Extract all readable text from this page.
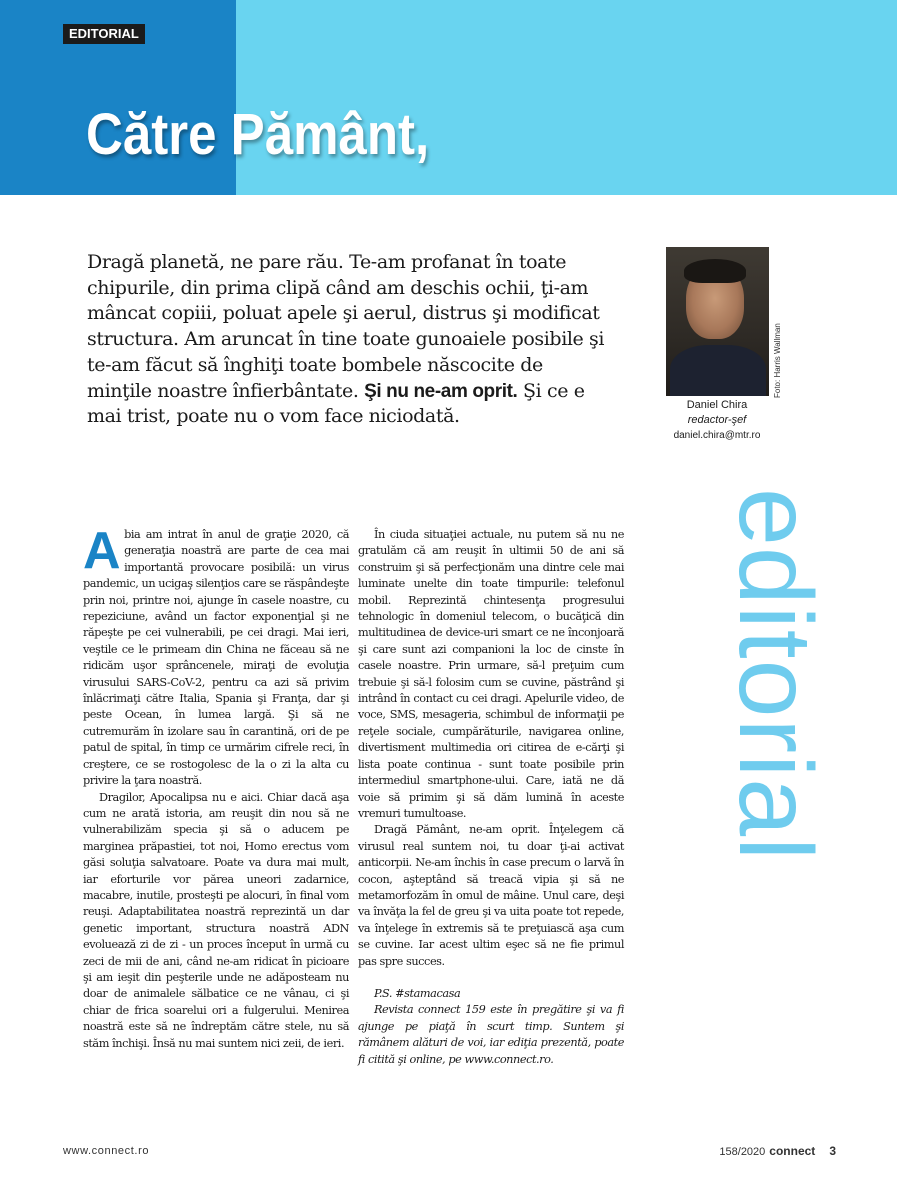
EDITORIAL
Către Pământ,

Dragă planetă, ne pare rău. Te-am profanat în toate chipurile, din prima clipă când am deschis ochii, ţi-am mâncat copiii, poluat apele şi aerul, distrus şi modificat structura. Am aruncat în tine toate gunoaiele posibile şi te-am făcut să înghiţi toate bombele născocite de minţile noastre înfierbântate. Şi nu ne-am oprit. Şi ce e mai trist, poate nu o vom face niciodată.

Foto: Harris Wallman

Daniel Chira
redactor-şef
daniel.chira@mtr.ro

Abia am intrat în anul de graţie 2020, că generaţia noastră are parte de cea mai importantă provocare posibilă: un virus pandemic, un ucigaş silenţios care se răspândeşte prin noi, printre noi, ajunge în casele noastre, cu repeziciune, având un factor exponenţial şi ne răpeşte pe cei vulnerabili, pe cei dragi. Mai ieri, veştile ce le primeam din China ne făceau să ne ridicăm uşor sprâncenele, miraţi de evoluţia virusului SARS-CoV-2, pentru ca azi să privim înlăcrimaţi către Italia, Spania şi Franţa, dar şi peste Ocean, în lumea largă. Şi să ne cutremurăm în izolare sau în carantină, ori de pe patul de spital, în timp ce urmărim cifrele reci, în creştere, ce se rostogolesc de la o zi la alta cu privire la ţara noastră.

Dragilor, Apocalipsa nu e aici. Chiar dacă aşa cum ne arată istoria, am reuşit din nou să ne vulnerabilizăm specia şi să o aducem pe marginea prăpastiei, tot noi, Homo erectus vom găsi soluţia salvatoare. Poate va dura mai mult, iar eforturile vor părea uneori zadarnice, macabre, inutile, prosteşti pe alocuri, în final vom reuşi. Adaptabilitatea noastră reprezintă un dar genetic important, structura noastră ADN evoluează zi de zi - un proces început în urmă cu zeci de mii de ani, când ne-am ridicat în picioare şi am ieşit din peşterile unde ne adăposteam nu doar de animalele sălbatice ce ne vânau, ci şi chiar de frica soarelui ori a fulgerului. Menirea noastră este să ne îndreptăm către stele, nu să stăm închişi. Însă nu mai suntem nici zeii, de ieri.

În ciuda situaţiei actuale, nu putem să nu ne gratulăm că am reuşit în ultimii 50 de ani să construim şi să perfecţionăm una dintre cele mai luminate unelte din toate timpurile: telefonul mobil. Reprezintă chintesenţa progresului tehnologic în domeniul telecom, o bucăţică din multitudinea de device-uri smart ce ne înconjoară şi care sunt azi companioni la loc de cinste în casele noastre. Prin urmare, să-l preţuim cum trebuie şi să-l folosim cum se cuvine, păstrând şi intrând în contact cu cei dragi. Apelurile video, de voce, SMS, mesageria, schimbul de informaţii pe reţele sociale, cumpărăturile, navigarea online, divertisment multimedia ori citirea de e-cărţi şi lista poate continua - sunt toate posibile prin intermediul smartphone-ului. Care, iată ne dă voie să primim şi să dăm lumină în aceste vremuri tumultoase.

Dragă Pământ, ne-am oprit. Înţelegem că virusul real suntem noi, tu doar ţi-ai activat anticorpii. Ne-am închis în case precum o larvă în cocon, aşteptând să treacă vipia şi să ne metamorfozăm în omul de mâine. Unul care, deşi va învăţa la fel de greu şi va uita poate tot repede, va înţelege în extremis să te preţuiască aşa cum se cuvine. Iar acest ultim eşec să ne fie primul pas spre succes.

P.S. #stamacasa

Revista connect 159 este în pregătire şi va fi ajunge pe piaţă în scurt timp. Suntem şi rămânem alături de voi, iar ediţia prezentă, poate fi citită şi online, pe www.connect.ro.

editorial

www.connect.ro	158/2020 connect 3
